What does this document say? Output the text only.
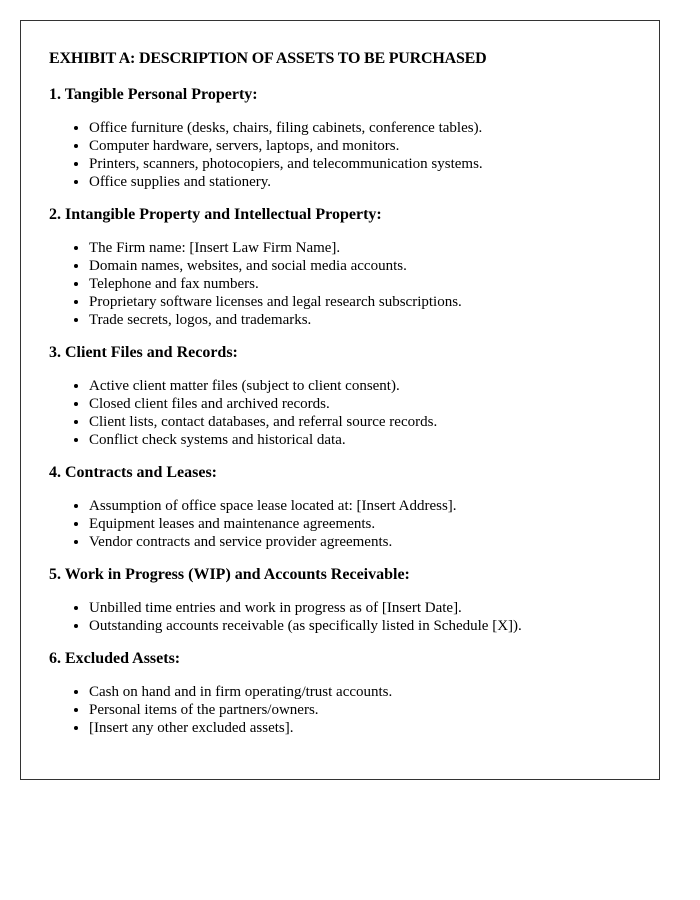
EXHIBIT A: DESCRIPTION OF ASSETS TO BE PURCHASED
1. Tangible Personal Property:
• Office furniture (desks, chairs, filing cabinets, conference tables).
• Computer hardware, servers, laptops, and monitors.
• Printers, scanners, photocopiers, and telecommunication systems.
• Office supplies and stationery.
2. Intangible Property and Intellectual Property:
• The Firm name: [Insert Law Firm Name].
• Domain names, websites, and social media accounts.
• Telephone and fax numbers.
• Proprietary software licenses and legal research subscriptions.
• Trade secrets, logos, and trademarks.
3. Client Files and Records:
• Active client matter files (subject to client consent).
• Closed client files and archived records.
• Client lists, contact databases, and referral source records.
• Conflict check systems and historical data.
4. Contracts and Leases:
• Assumption of office space lease located at: [Insert Address].
• Equipment leases and maintenance agreements.
• Vendor contracts and service provider agreements.
5. Work in Progress (WIP) and Accounts Receivable:
• Unbilled time entries and work in progress as of [Insert Date].
• Outstanding accounts receivable (as specifically listed in Schedule [X]).
6. Excluded Assets:
• Cash on hand and in firm operating/trust accounts.
• Personal items of the partners/owners.
• [Insert any other excluded assets].
